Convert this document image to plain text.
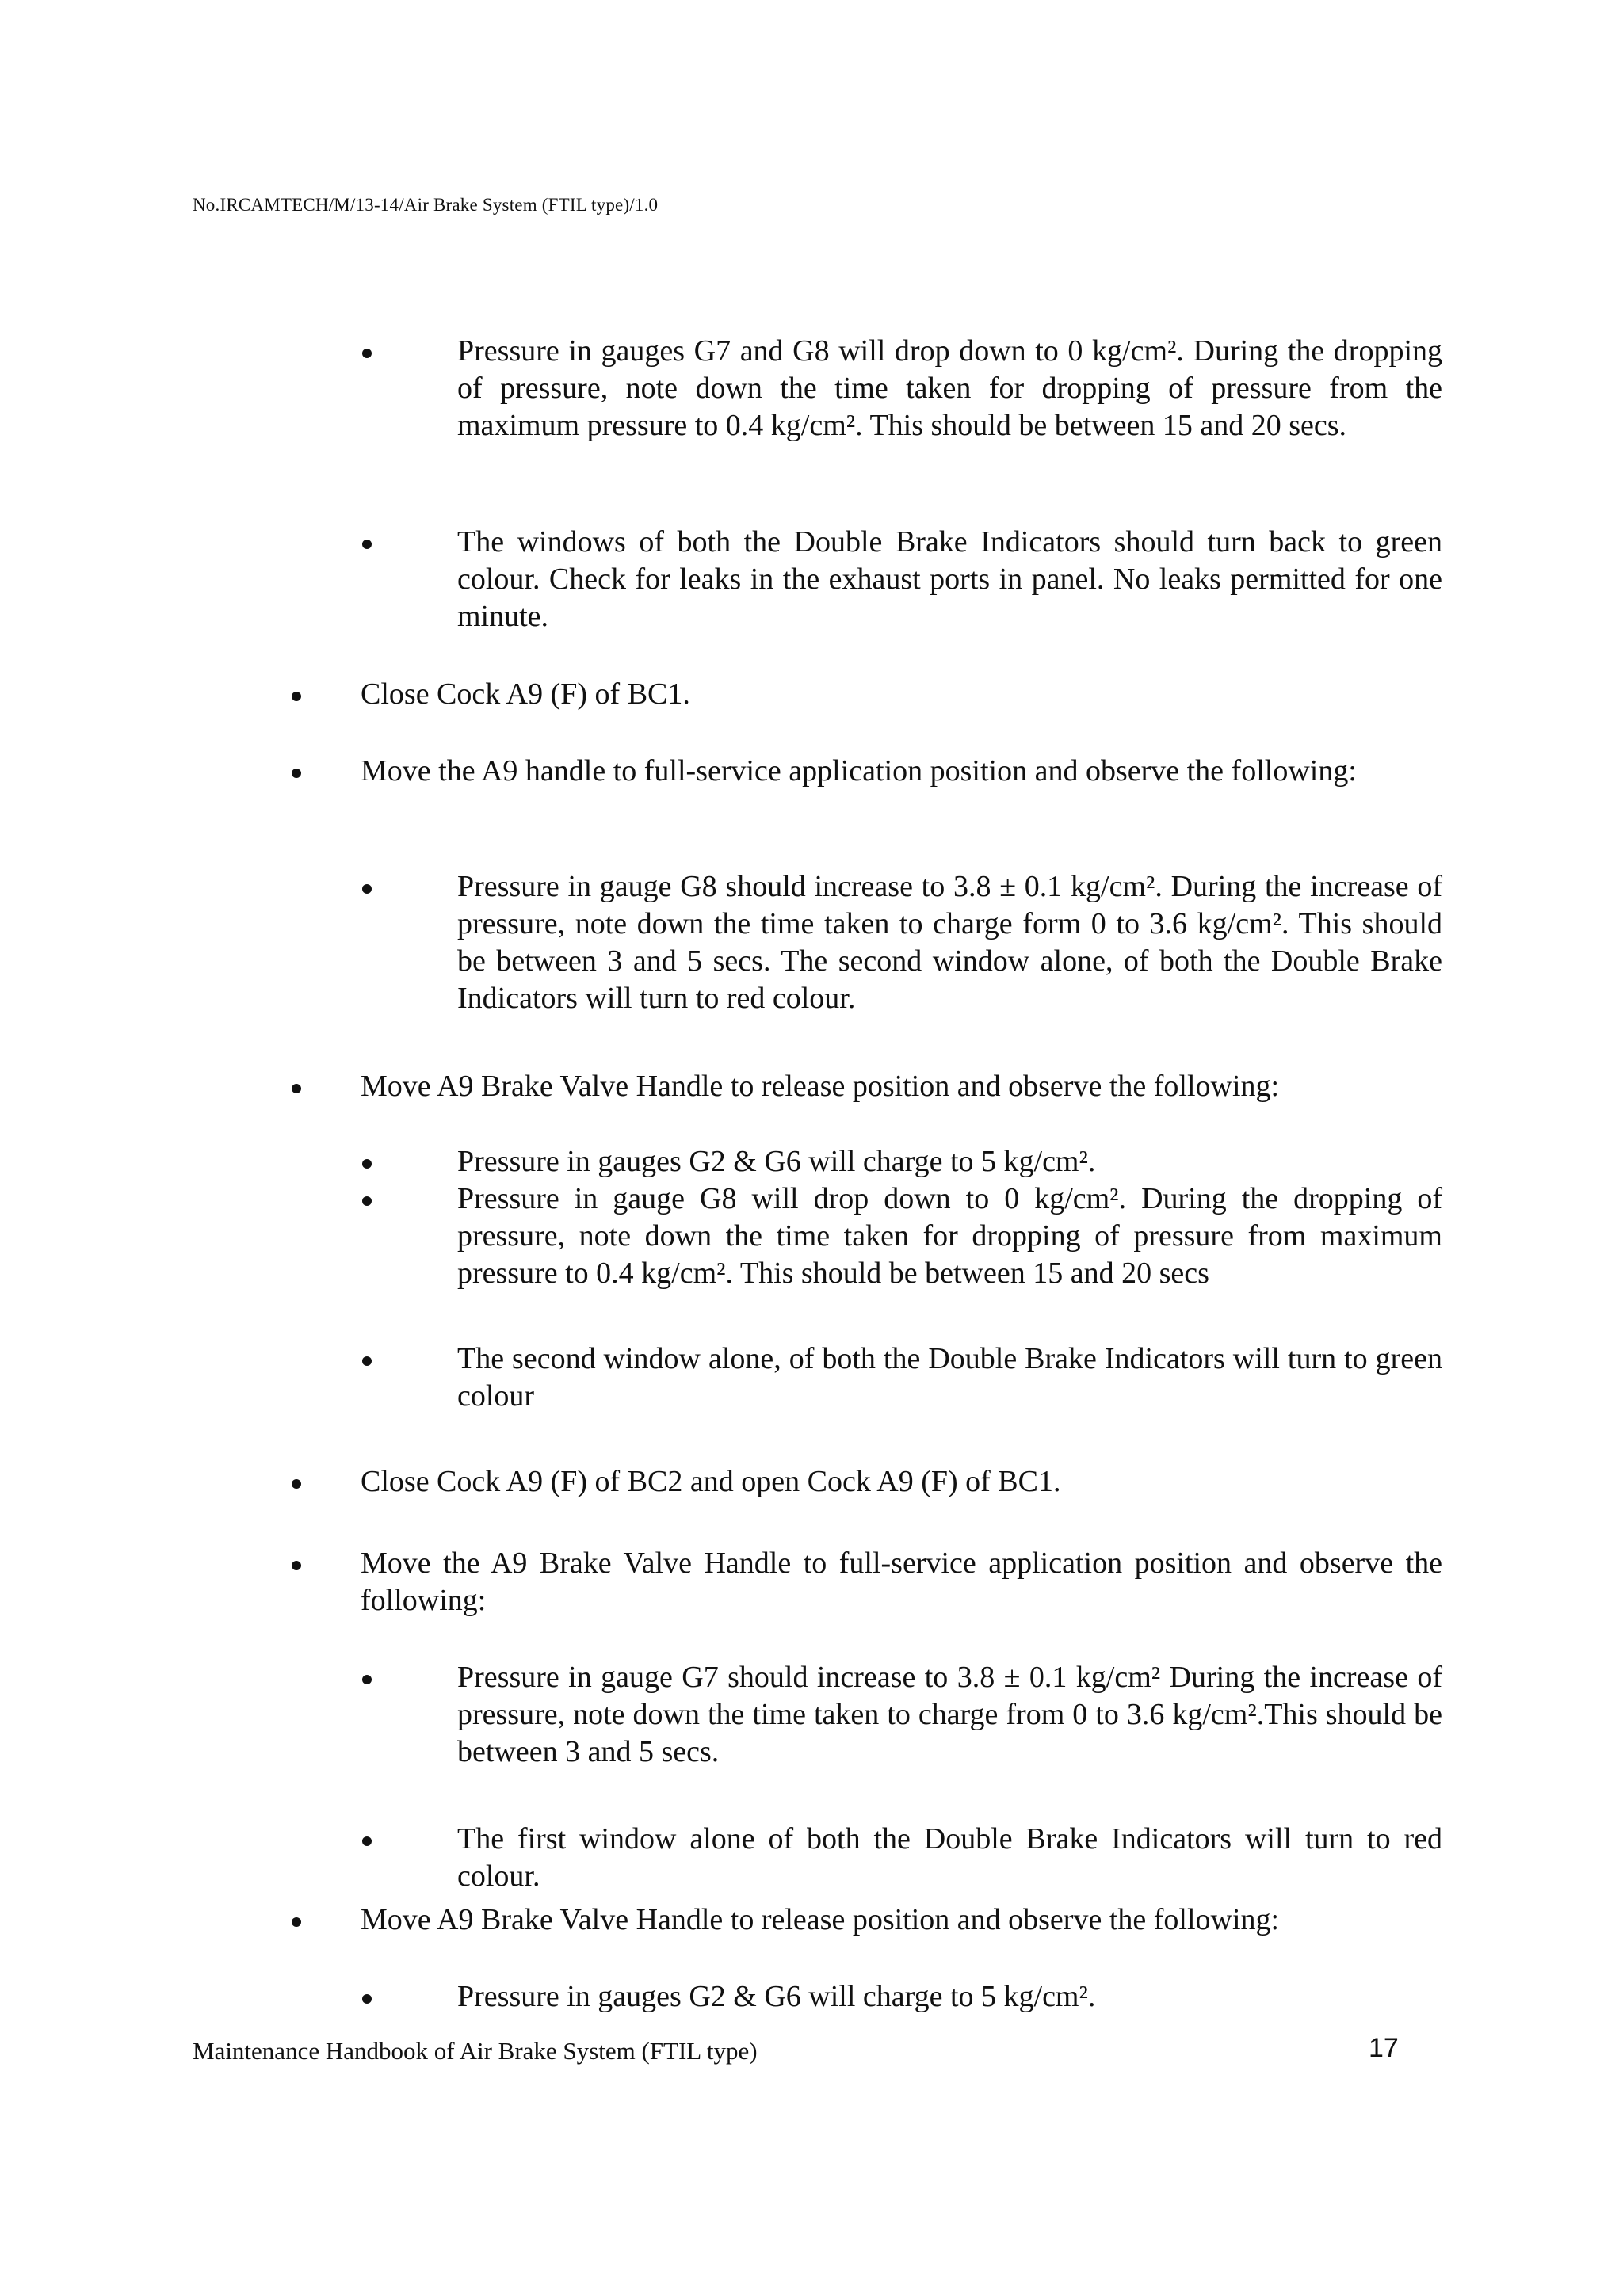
No.IRCAMTECH/M/13-14/Air Brake System (FTIL type)/1.0
Pressure in gauges G7 and G8 will drop down to 0 kg/cm². During the dropping of pressure, note down the time taken for dropping of pressure from the maximum pressure to 0.4 kg/cm². This should be between 15 and 20 secs.
The windows of both the Double Brake Indicators should turn back to green colour. Check for leaks in the exhaust ports in panel. No leaks permitted for one minute.
Close Cock A9 (F) of BC1.
Move the A9 handle to full-service application position and observe the following:
Pressure in gauge G8 should increase to 3.8 ± 0.1 kg/cm². During the increase of pressure, note down the time taken to charge form 0 to 3.6 kg/cm². This should be between 3 and 5 secs. The second window alone, of both the Double Brake Indicators will turn to red colour.
Move A9 Brake Valve Handle to release position and observe the following:
Pressure in gauges G2 & G6 will charge to 5 kg/cm².
Pressure in gauge G8 will drop down to 0 kg/cm². During the dropping of pressure, note down the time taken for dropping of pressure from maximum pressure to 0.4 kg/cm². This should be between 15 and 20 secs
The second window alone, of both the Double Brake Indicators will turn to green colour
Close Cock A9 (F) of BC2 and open Cock A9 (F) of BC1.
Move the A9 Brake Valve Handle to full-service application position and observe the following:
Pressure in gauge G7 should increase to 3.8 ± 0.1 kg/cm² During the increase of pressure, note down the time taken to charge from 0 to 3.6 kg/cm².This should be between 3 and 5 secs.
The first window alone of both the Double Brake Indicators will turn to red colour.
Move A9 Brake Valve Handle to release position and observe the following:
Pressure in gauges G2 & G6 will charge to 5 kg/cm².
Maintenance Handbook of Air Brake System (FTIL type)	17
